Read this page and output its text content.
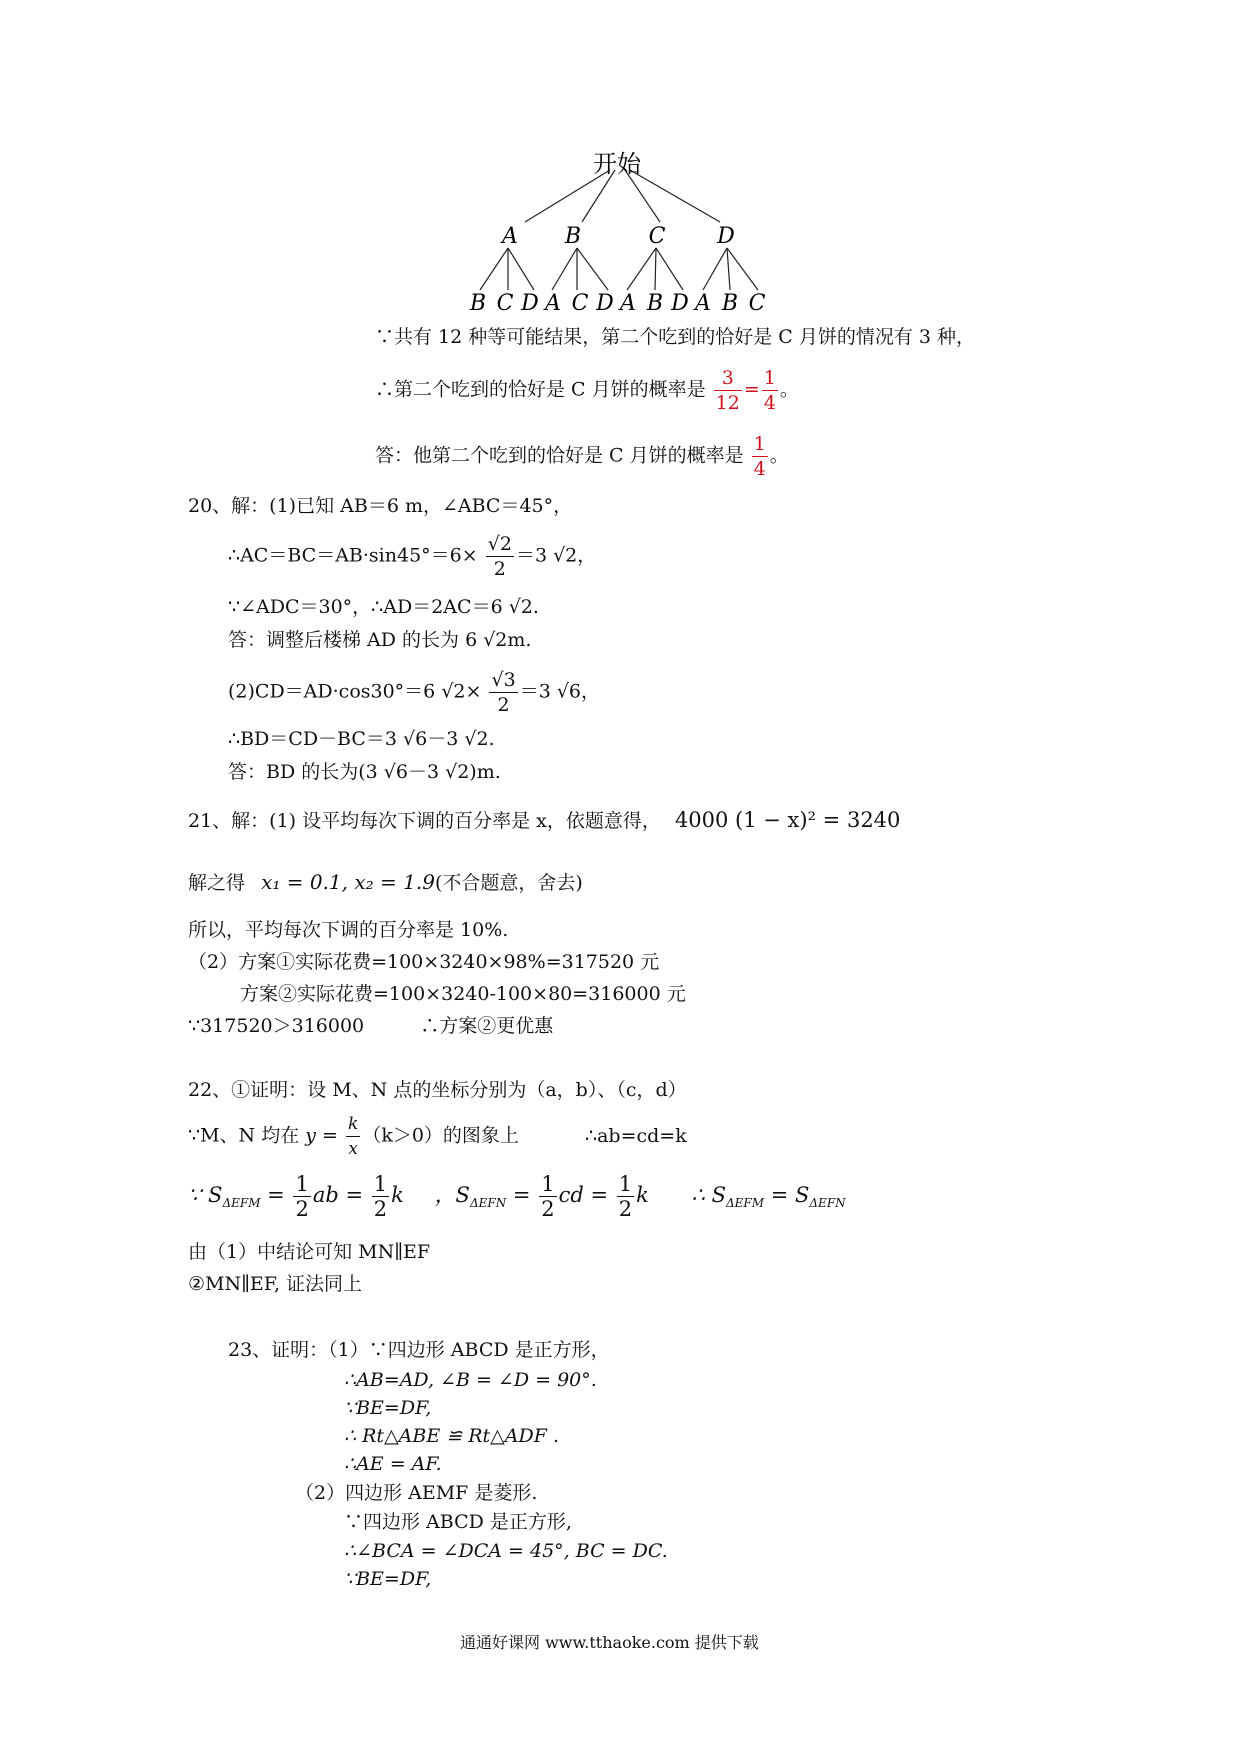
开始
A B	C D
B C D A C D A B D A B C
∵共有 12 种等可能结果，第二个吃到的恰好是 C 月饼的情况有 3 种，
∴第二个吃到的恰好是 C 月饼的概率是 $\frac{3}{12} = \frac{1}{4}$ 。
答：他第二个吃到的恰好是 C 月饼的概率是 $\frac{1}{4}$ 。
20、解：(1)已知 AB＝6 m，∠ABC＝45°，
∴AC＝BC＝AB·sin45°＝6× $\frac{√2}{2} =3$ √2，
∵∠ADC＝30°，∴AD＝2AC＝6 √2.
答：调整后楼梯 AD 的长为 6 √2m.
(2)CD＝AD·cos30°＝6 $√2\times \frac{√3}{2} =3$ √6，
∴BD＝CD－BC＝3 √6－3 √2.
答：BD 的长为(3 √6－3 √2)m.
21、解：(1) 设平均每次下调的百分率是 x，依题意得， 4000 (1 − x)² = 3240
解之得 x₁ = 0.1, x₂ = 1.9(不合题意，舍去)
所以，平均每次下调的百分率是 10%.
（2）方案①实际花费=100×3240×98%=317520 元
方案②实际花费=100×3240-100×80=316000 元
∵317520＞316000	∴方案②更优惠
22、①证明：设 M、N 点的坐标分别为（a，b）、（c，d）
∵M、N 均在 $y = \frac{k}{x} (k>0)$的图象上	∴ab=cd=k
∵ $S_{\Delta EFM} = \frac{1}{2}$ ab = $\frac{1}{2}$ k ，$S_{\Delta EFN} = \frac{1}{2}$ cd = $\frac{1}{2}$ k ∴ $S_{\Delta EFM} = S_{\Delta EFN}$
由（1）中结论可知 MN∥EF
②MN∥EF, 证法同上
23、证明：（1）∵四边形 ABCD 是正方形，
∴AB=AD, ∠B = ∠D = 90°.
∵BE=DF,
∴ Rt△ABE ≌ Rt△ADF .
∴AE = AF.
（2）四边形 AEMF 是菱形.
∵四边形 ABCD 是正方形,
∴∠BCA = ∠DCA = 45°, BC = DC.
∵BE=DF,
通通好课网 www.tthaoke.com 提供下载
